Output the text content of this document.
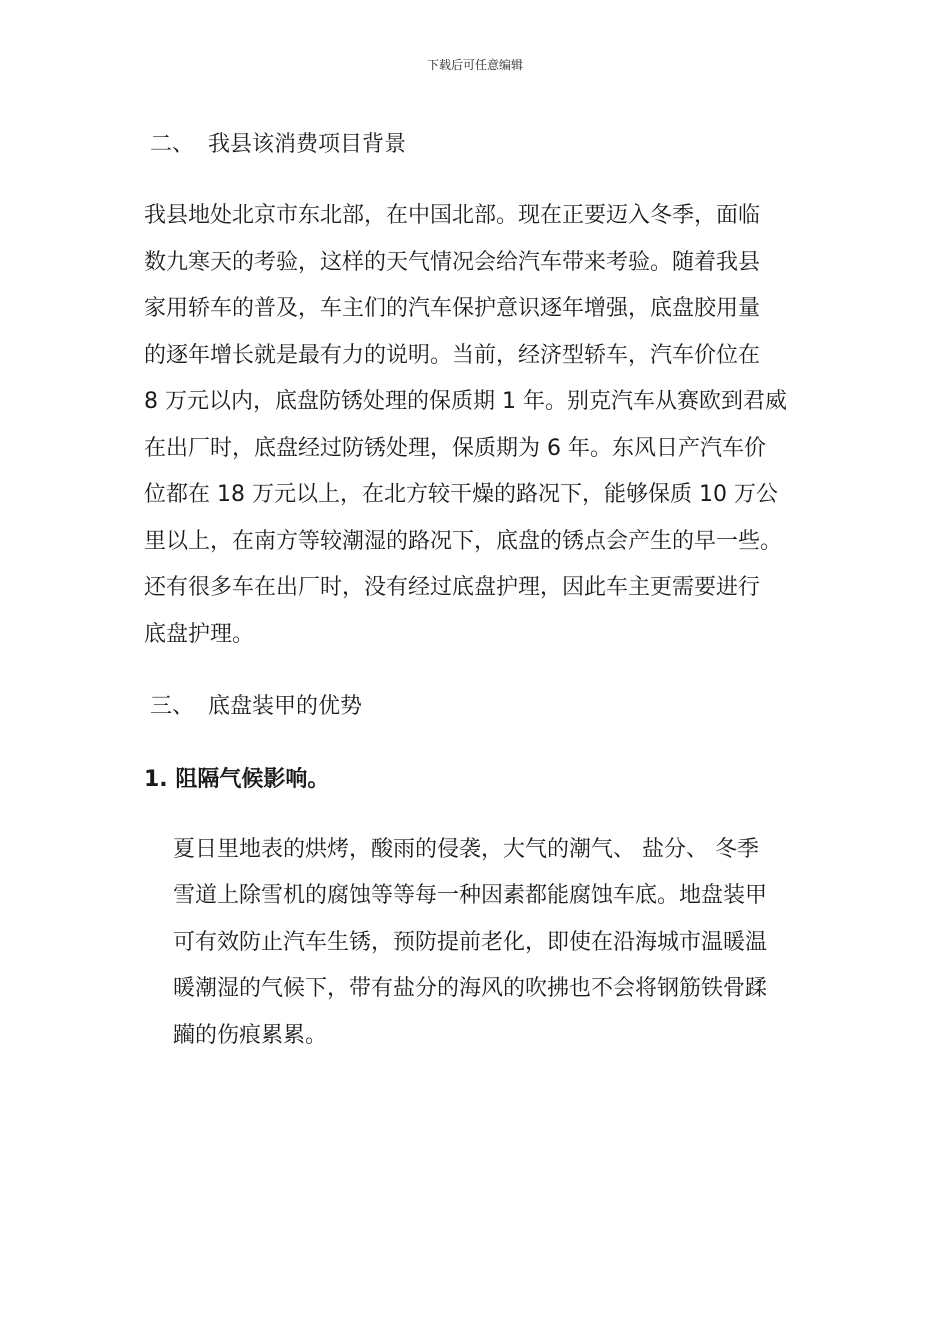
下载后可任意编辑
二、 我县该消费项目背景
我县地处北京市东北部，在中国北部。现在正要迈入冬季，面临
数九寒天的考验，这样的天气情况会给汽车带来考验。随着我县
家用轿车的普及，车主们的汽车保护意识逐年增强，底盘胶用量
的逐年增长就是最有力的说明。当前，经济型轿车，汽车价位在
8 万元以内，底盘防锈处理的保质期 1 年。别克汽车从赛欧到君威
在出厂时，底盘经过防锈处理，保质期为 6 年。东风日产汽车价
位都在 18 万元以上，在北方较干燥的路况下，能够保质 10 万公
里以上，在南方等较潮湿的路况下，底盘的锈点会产生的早一些。
还有很多车在出厂时，没有经过底盘护理，因此车主更需要进行
底盘护理。
三、 底盘装甲的优势
1. 阻隔气候影响。
夏日里地表的烘烤，酸雨的侵袭，大气的潮气、 盐分、 冬季
雪道上除雪机的腐蚀等等每一种因素都能腐蚀车底。地盘装甲
可有效防止汽车生锈，预防提前老化，即使在沿海城市温暖温
暖潮湿的气候下，带有盐分的海风的吹拂也不会将钢筋铁骨蹂
躏的伤痕累累。
